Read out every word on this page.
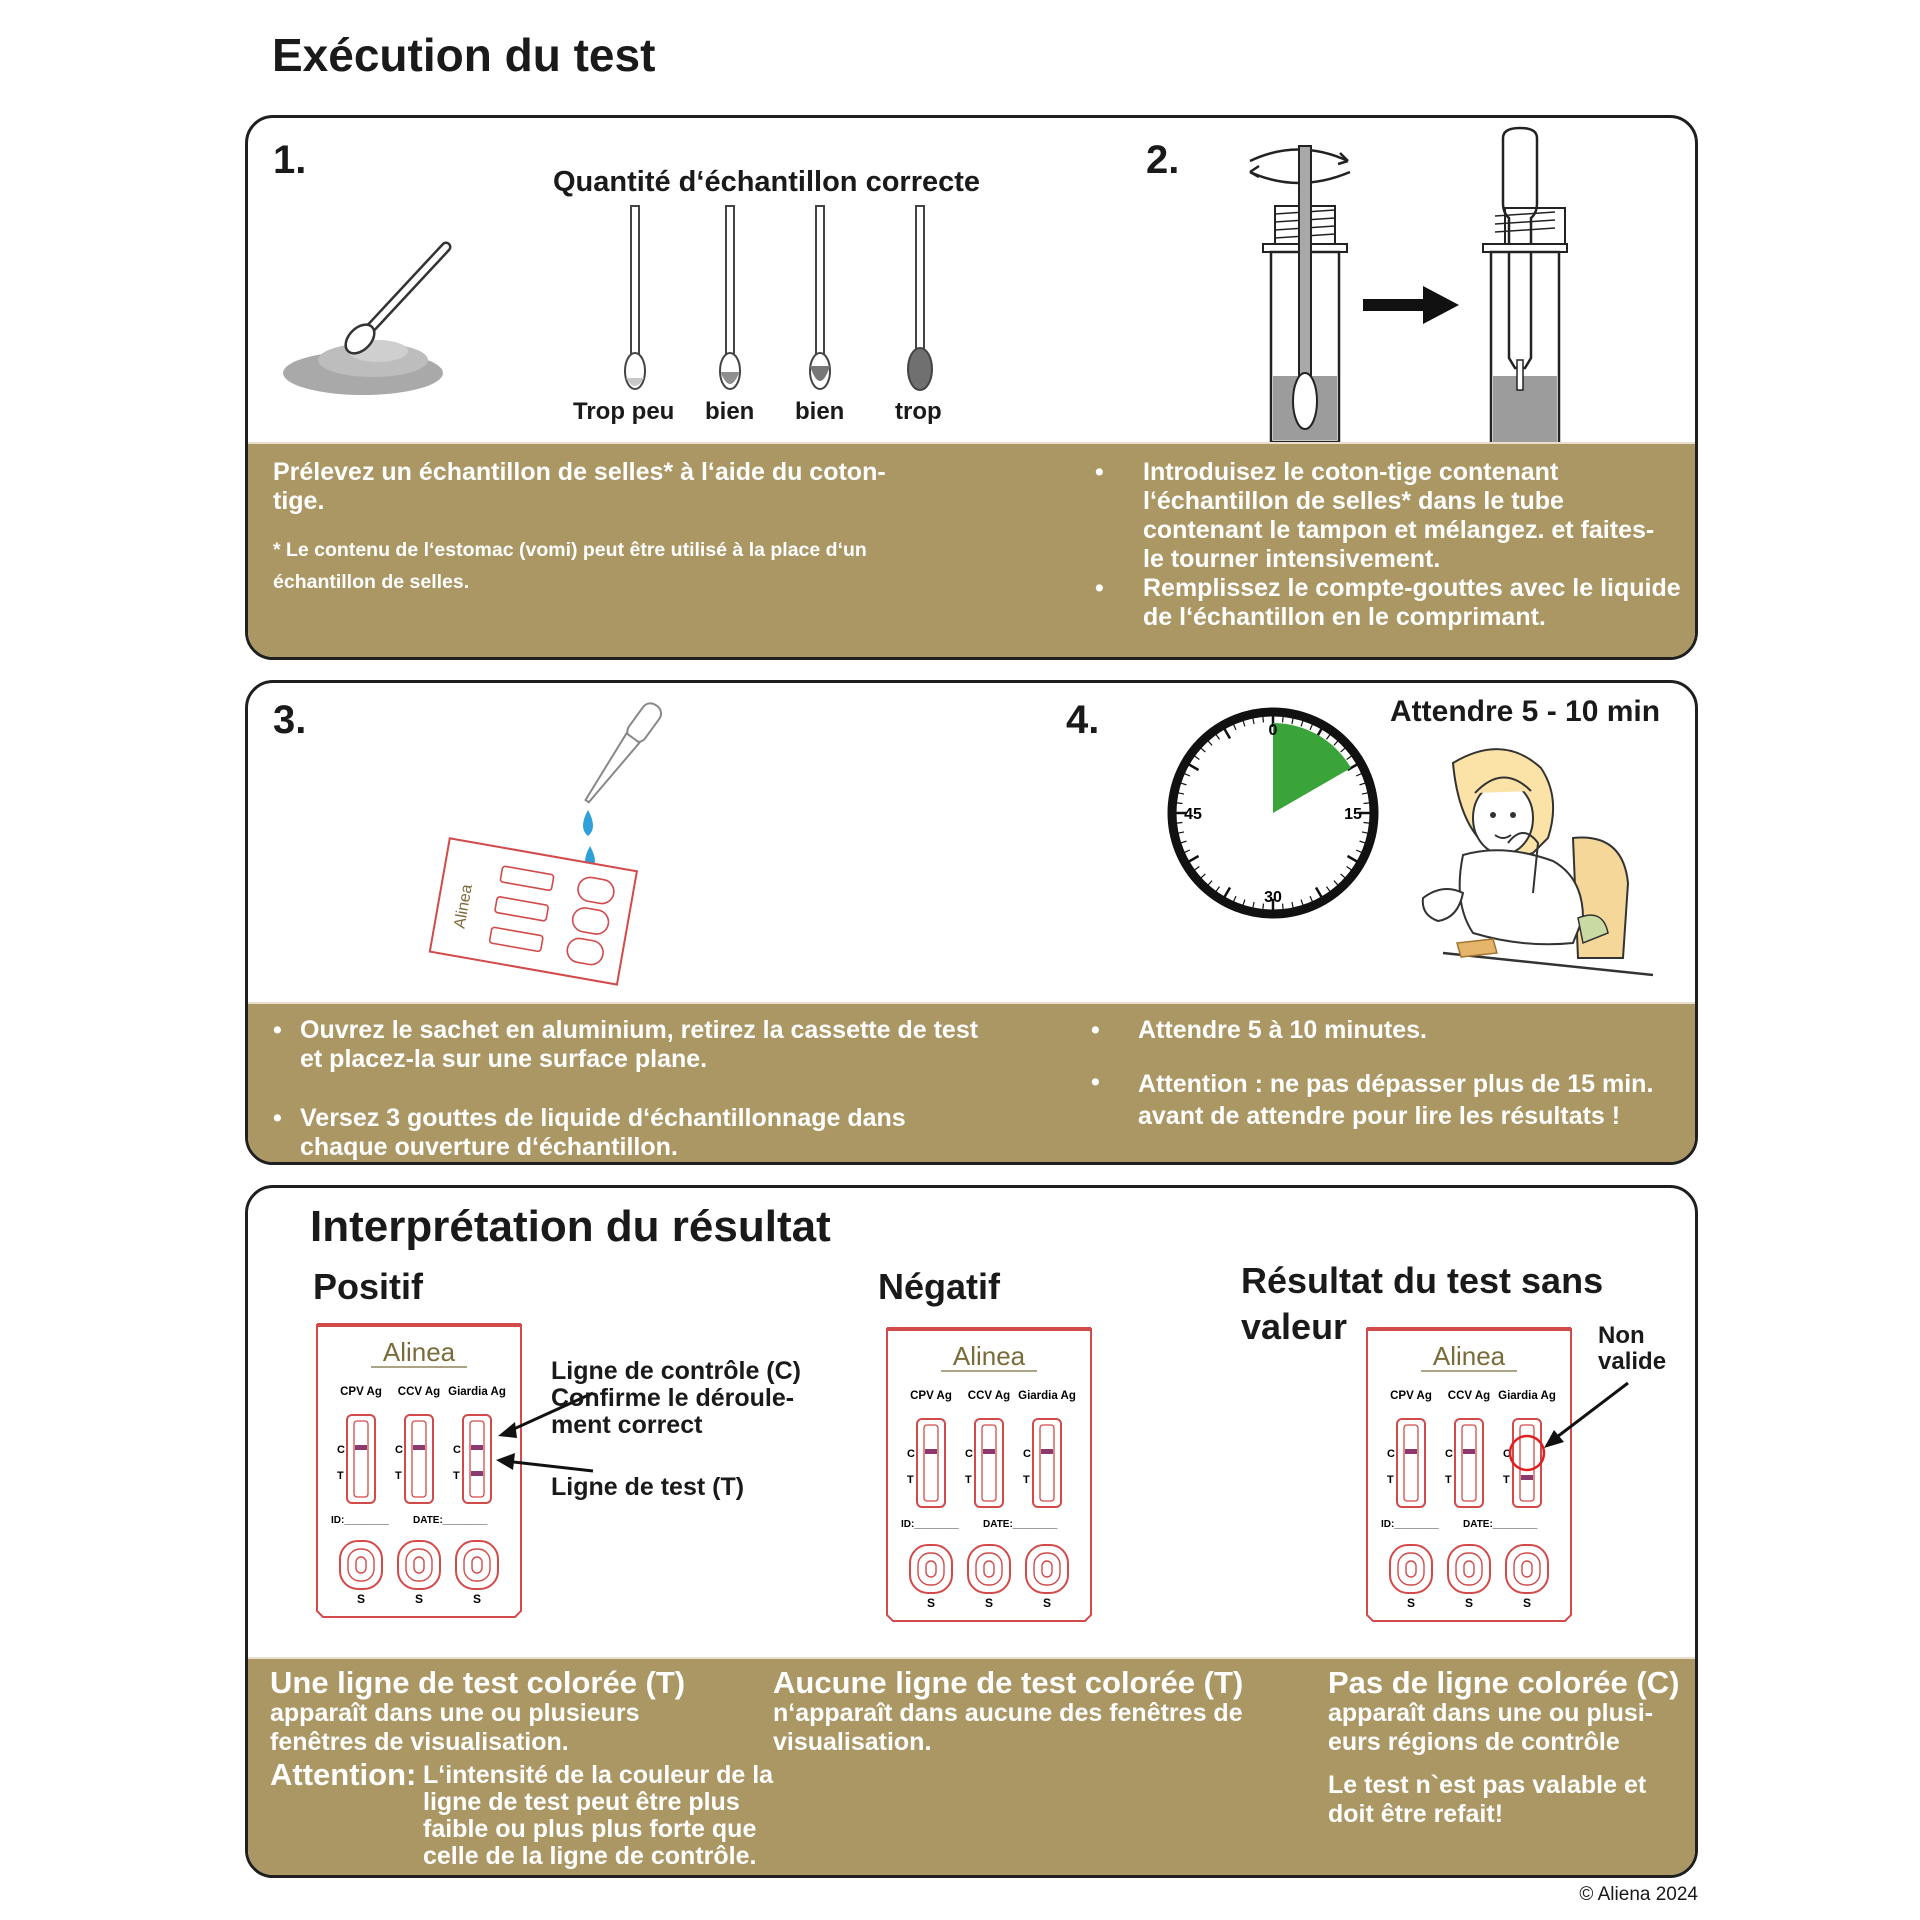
Exécution du test
1.	Quantité d‘échantillon correcte
Trop peu bien bien trop
2.
Prélevez un échantillon de selles* à l‘aide du coton-tige.
* Le contenu de l‘estomac (vomi) peut être utilisé à la place d‘un échantillon de selles.
• Introduisez le coton-tige contenant l‘échantillon de selles* dans le tube contenant le tampon et mélangez. et faites-le tourner intensivement.
• Remplissez le compte-gouttes avec le liquide de l‘échantillon en le comprimant.
3.
Alinea
4.	Attendre 5 - 10 min
0
15
30
45
• Ouvrez le sachet en aluminium, retirez la cassette de test et placez-la sur une surface plane.
• Versez 3 gouttes de liquide d‘échantillonnage dans chaque ouverture d‘échantillon.
• Attendre 5 à 10 minutes.
• Attention : ne pas dépasser plus de 15 min. avant de attendre pour lire les résultats !
Interprétation du résultat
Positif	Négatif	Résultat du test sans valeur
Alinea
CPV Ag
C
T
S
CCV Ag
C
T
S
Giardia Ag
C
T
S
ID:________ DATE:________
Alinea
CPV Ag
C
T
S
CCV Ag
C
T
S
Giardia Ag
C
T
S
ID:________ DATE:________
Alinea
CPV Ag
C
T
S
CCV Ag
C
T
S
Giardia Ag
C
T
S
ID:________ DATE:________
Ligne de contrôle (C) Confirme le déroule-ment correct
Ligne de test (T)
Non valide
Une ligne de test colorée (T)
apparaît dans une ou plusieurs fenêtres de visualisation.
Attention: L‘intensité de la couleur de la ligne de test peut être plus faible ou plus plus forte que celle de la ligne de contrôle.
Aucune ligne de test colorée (T)
n‘apparaît dans aucune des fenêtres de visualisation.
Pas de ligne colorée (C)
apparaît dans une ou plusi-eurs régions de contrôle
Le test n`est pas valable et doit être refait!
© Aliena 2024
